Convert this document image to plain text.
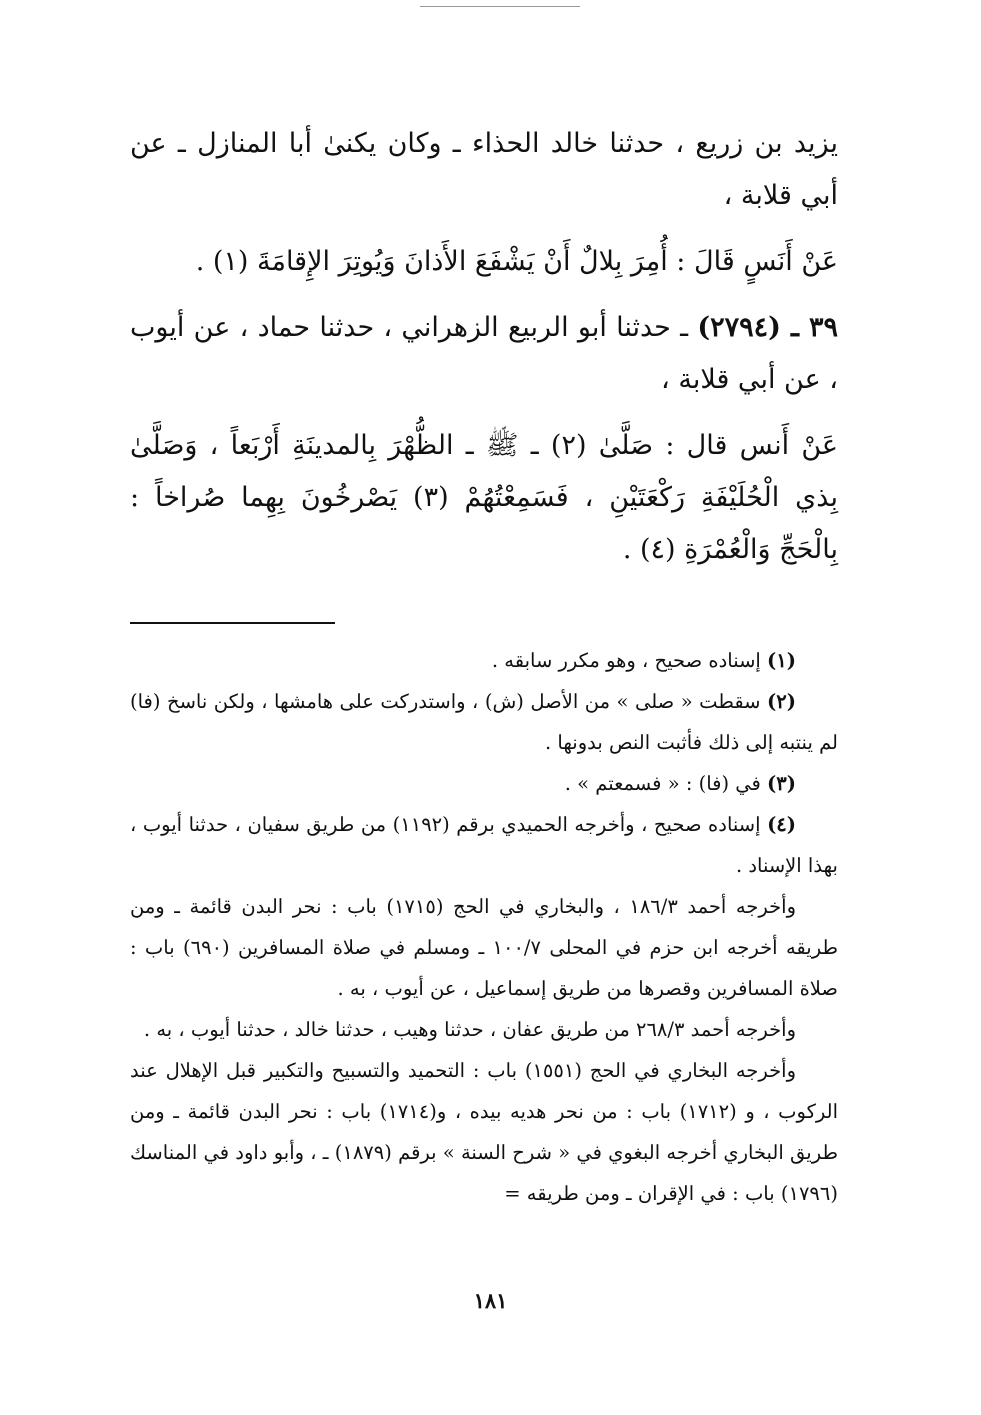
يزيد بن زريع ، حدثنا خالد الحذاء ـ وكان يكنىٰ أبا المنازل ـ عن أبي قلابة ،

عَنْ أَنَسٍ قَالَ : أُمِرَ بِلالٌ أَنْ يَشْفَعَ الأَذانَ وَيُوتِرَ الإِقامَةَ (١) .

٣٩ ـ (٢٧٩٤) ـ حدثنا أبو الربيع الزهراني ، حدثنا حماد ، عن أيوب ، عن أبي قلابة ،

عَنْ أَنس قال : صَلَّىٰ (٢) ـ ﷺ ـ الظُّهْرَ بِالمدينَةِ أَرْبَعاً ، وَصَلَّىٰ بِذي الْحُلَيْفَةِ رَكْعَتَيْنِ ، فَسَمِعْتُهُمْ (٣) يَصْرخُونَ بِهِما صُراخاً : بِالْحَجِّ وَالْعُمْرَةِ (٤) .

(١) إسناده صحيح ، وهو مكرر سابقه .

(٢) سقطت « صلى » من الأصل (ش) ، واستدركت على هامشها ، ولكن ناسخ (فا) لم ينتبه إلى ذلك فأثبت النص بدونها .

(٣) في (فا) : « فسمعتم » .

(٤) إسناده صحيح ، وأخرجه الحميدي برقم (١١٩٢) من طريق سفيان ، حدثنا أيوب ، بهذا الإسناد .

وأخرجه أحمد ١٨٦/٣ ، والبخاري في الحج (١٧١٥) باب : نحر البدن قائمة ـ ومن طريقه أخرجه ابن حزم في المحلى ١٠٠/٧ ـ ومسلم في صلاة المسافرين (٦٩٠) باب : صلاة المسافرين وقصرها من طريق إسماعيل ، عن أيوب ، به .

وأخرجه أحمد ٢٦٨/٣ من طريق عفان ، حدثنا وهيب ، حدثنا خالد ، حدثنا أيوب ، به .

وأخرجه البخاري في الحج (١٥٥١) باب : التحميد والتسبيح والتكبير قبل الإهلال عند الركوب ، و (١٧١٢) باب : من نحر هديه بيده ، و(١٧١٤) باب : نحر البدن قائمة ـ ومن طريق البخاري أخرجه البغوي في « شرح السنة » برقم (١٨٧٩) ـ ، وأبو داود في المناسك (١٧٩٦) باب : في الإقران ـ ومن طريقه =

١٨١
